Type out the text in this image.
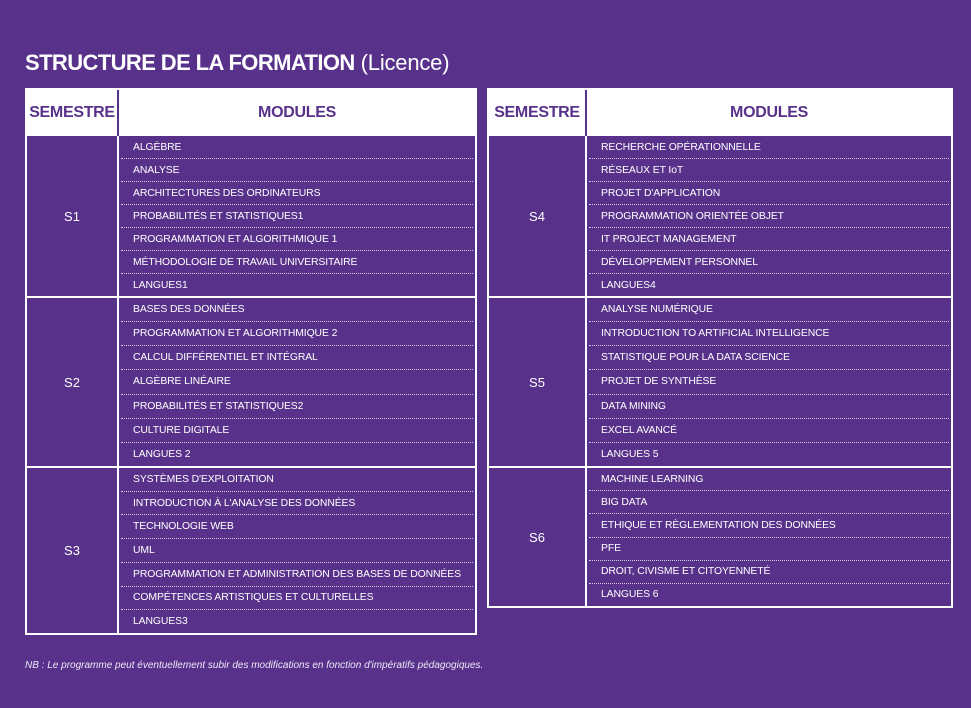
STRUCTURE DE LA FORMATION (Licence)
SEMESTRE	MODULES
S1
ALGÈBRE
ANALYSE
ARCHITECTURES DES ORDINATEURS
PROBABILITÉS ET STATISTIQUES1
PROGRAMMATION ET ALGORITHMIQUE 1
MÉTHODOLOGIE DE TRAVAIL UNIVERSITAIRE
LANGUES1
S2
BASES DES DONNÉES
PROGRAMMATION ET ALGORITHMIQUE 2
CALCUL DIFFÉRENTIEL ET INTÉGRAL
ALGÈBRE LINÉAIRE
PROBABILITÉS ET STATISTIQUES2
CULTURE DIGITALE
LANGUES 2
S3
SYSTÈMES D'EXPLOITATION
INTRODUCTION À L'ANALYSE DES DONNÉES
TECHNOLOGIE WEB
UML
PROGRAMMATION ET ADMINISTRATION DES BASES DE DONNÉES
COMPÉTENCES ARTISTIQUES ET CULTURELLES
LANGUES3
SEMESTRE	MODULES
S4
RECHERCHE OPÉRATIONNELLE
RÉSEAUX ET IoT
PROJET D'APPLICATION
PROGRAMMATION ORIENTÉE OBJET
IT PROJECT MANAGEMENT
DÉVELOPPEMENT PERSONNEL
LANGUES4
S5
ANALYSE NUMÉRIQUE
INTRODUCTION TO ARTIFICIAL INTELLIGENCE
STATISTIQUE POUR LA DATA SCIENCE
PROJET DE SYNTHÈSE
DATA MINING
EXCEL AVANCÉ
LANGUES 5
S6
MACHINE LEARNING
BIG DATA
ETHIQUE ET RÈGLEMENTATION DES DONNÉES
PFE
DROIT, CIVISME ET CITOYENNETÉ
LANGUES 6
NB : Le programme peut éventuellement subir des modifications en fonction d'impératifs pédagogiques.
